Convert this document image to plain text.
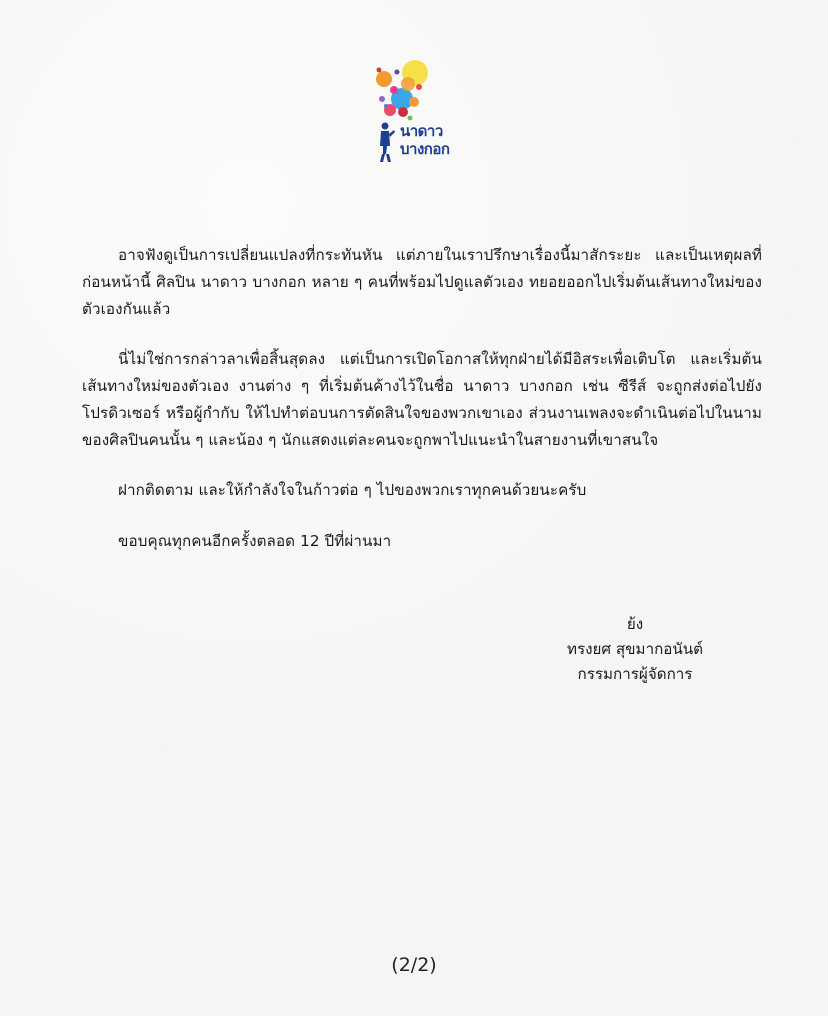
นาดาว
บางกอก

อาจฟังดูเป็นการเปลี่ยนแปลงที่กระทันหัน แต่ภายในเราปรึกษาเรื่องนี้มาสักระยะ และเป็นเหตุผลที่ก่อนหน้านี้ ศิลปิน นาดาว บางกอก หลาย ๆ คนที่พร้อมไปดูแลตัวเอง ทยอยออกไปเริ่มต้นเส้นทางใหม่ของตัวเองกันแล้ว

นี่ไม่ใช่การกล่าวลาเพื่อสิ้นสุดลง แต่เป็นการเปิดโอกาสให้ทุกฝ่ายได้มีอิสระเพื่อเติบโต และเริ่มต้นเส้นทางใหม่ของตัวเอง งานต่าง ๆ ที่เริ่มต้นค้างไว้ในชื่อ นาดาว บางกอก เช่น ซีรีส์ จะถูกส่งต่อไปยังโปรดิวเซอร์ หรือผู้กำกับ ให้ไปทำต่อบนการตัดสินใจของพวกเขาเอง ส่วนงานเพลงจะดำเนินต่อไปในนามของศิลปินคนนั้น ๆ และน้อง ๆ นักแสดงแต่ละคนจะถูกพาไปแนะนำในสายงานที่เขาสนใจ

ฝากติดตาม และให้กำลังใจในก้าวต่อ ๆ ไปของพวกเราทุกคนด้วยนะครับ

ขอบคุณทุกคนอีกครั้งตลอด 12 ปีที่ผ่านมา

ย้ง
ทรงยศ สุขมากอนันต์
กรรมการผู้จัดการ
(2/2)
